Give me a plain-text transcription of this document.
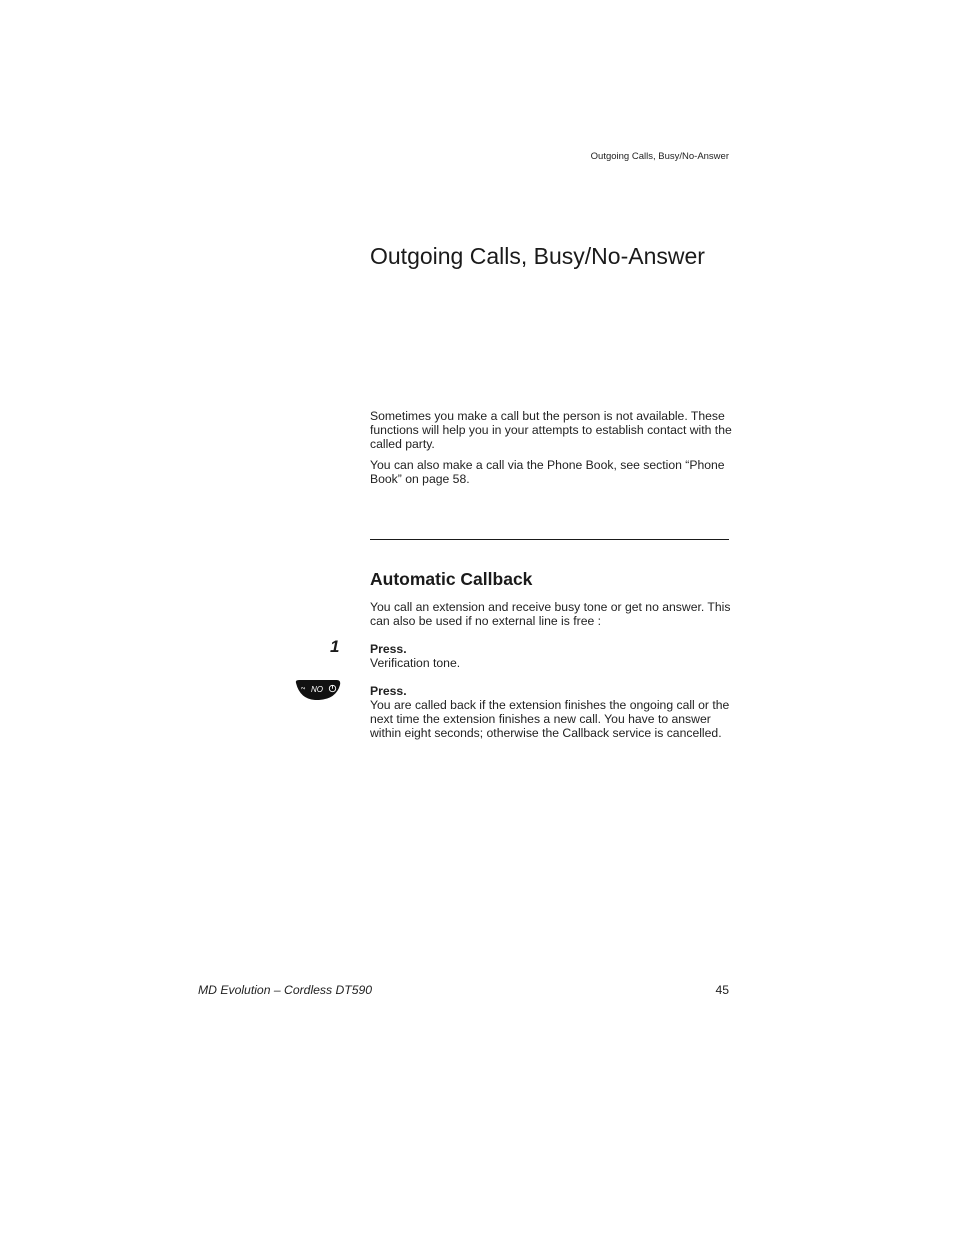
Outgoing Calls, Busy/No-Answer
Outgoing Calls, Busy/No-Answer

Sometimes you make a call but the person is not available. These functions will help you in your attempts to establish contact with the called party.

You can also make a call via the Phone Book, see section “Phone Book” on page 58.

Automatic Callback

You call an extension and receive busy tone or get no answer. This can also be used if no external line is free :

1	Press.
Verification tone.
∿ NO	Press.
You are called back if the extension finishes the ongoing call or the next time the extension finishes a new call. You have to answer within eight seconds; otherwise the Callback service is cancelled.
MD Evolution – Cordless DT590	45
